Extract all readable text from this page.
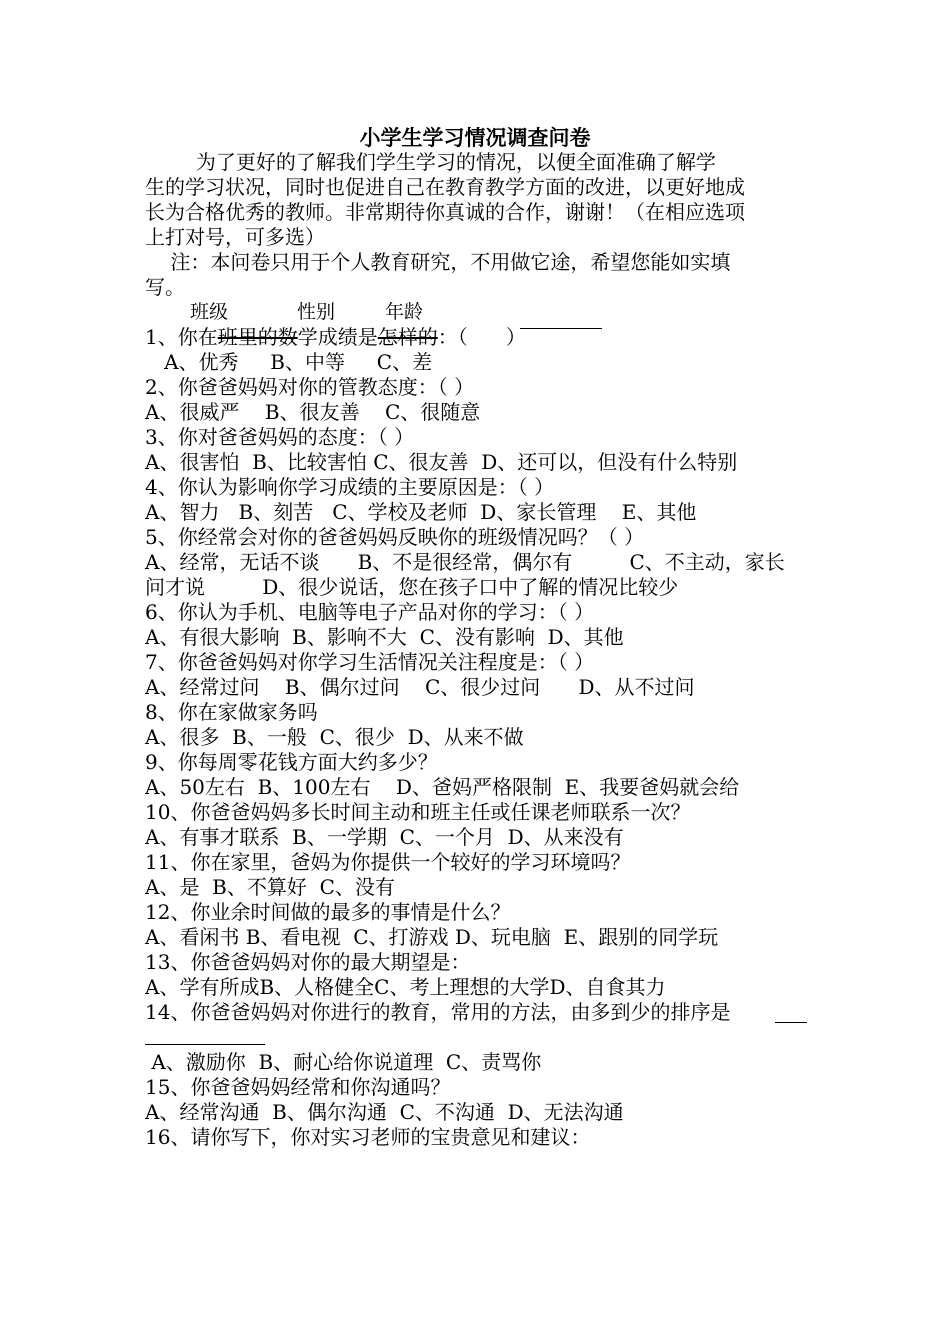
小学生学习情况调查问卷
为了更好的了解我们学生学习的情况，以便全面准确了解学
生的学习状况，同时也促进自己在教育教学方面的改进，以更好地成
长为合格优秀的教师。非常期待你真诚的合作，谢谢！（在相应选项
上打对号，可多选）
注：本问卷只用于个人教育研究，不用做它途，希望您能如实填
写。
班级	性别	年龄
1、你在班里的数学成绩是怎样的：（      ）
A、优秀     B、中等     C、差
2、你爸爸妈妈对你的管教态度：（ ）
A、很威严    B、很友善    C、很随意
3、你对爸爸妈妈的态度：（ ）
A、很害怕  B、比较害怕 C、很友善  D、还可以，但没有什么特别
4、你认为影响你学习成绩的主要原因是：（ ）
A、智力   B、刻苦   C、学校及老师  D、家长管理    E、其他
5、你经常会对你的爸爸妈妈反映你的班级情况吗？（ ）
A、经常，无话不谈      B、不是很经常，偶尔有         C、不主动，家长
问才说         D、很少说话，您在孩子口中了解的情况比较少
6、你认为手机、电脑等电子产品对你的学习：（ ）
A、有很大影响  B、影响不大  C、没有影响  D、其他
7、你爸爸妈妈对你学习生活情况关注程度是：（ ）
A、经常过问    B、偶尔过问    C、很少过问      D、从不过问
8、你在家做家务吗
A、很多  B、一般  C、很少  D、从来不做
9、你每周零花钱方面大约多少？
A、50左右  B、100左右    D、爸妈严格限制  E、我要爸妈就会给
10、你爸爸妈妈多长时间主动和班主任或任课老师联系一次？
A、有事才联系  B、一学期  C、一个月  D、从来没有
11、你在家里，爸妈为你提供一个较好的学习环境吗？
A、是  B、不算好  C、没有
12、你业余时间做的最多的事情是什么？
A、看闲书 B、看电视  C、打游戏 D、玩电脑  E、跟别的同学玩
13、你爸爸妈妈对你的最大期望是：
A、学有所成B、人格健全C、考上理想的大学D、自食其力
14、你爸爸妈妈对你进行的教育，常用的方法，由多到少的排序是
A、激励你  B、耐心给你说道理  C、责骂你
15、你爸爸妈妈经常和你沟通吗？
A、经常沟通  B、偶尔沟通  C、不沟通  D、无法沟通
16、请你写下，你对实习老师的宝贵意见和建议：
